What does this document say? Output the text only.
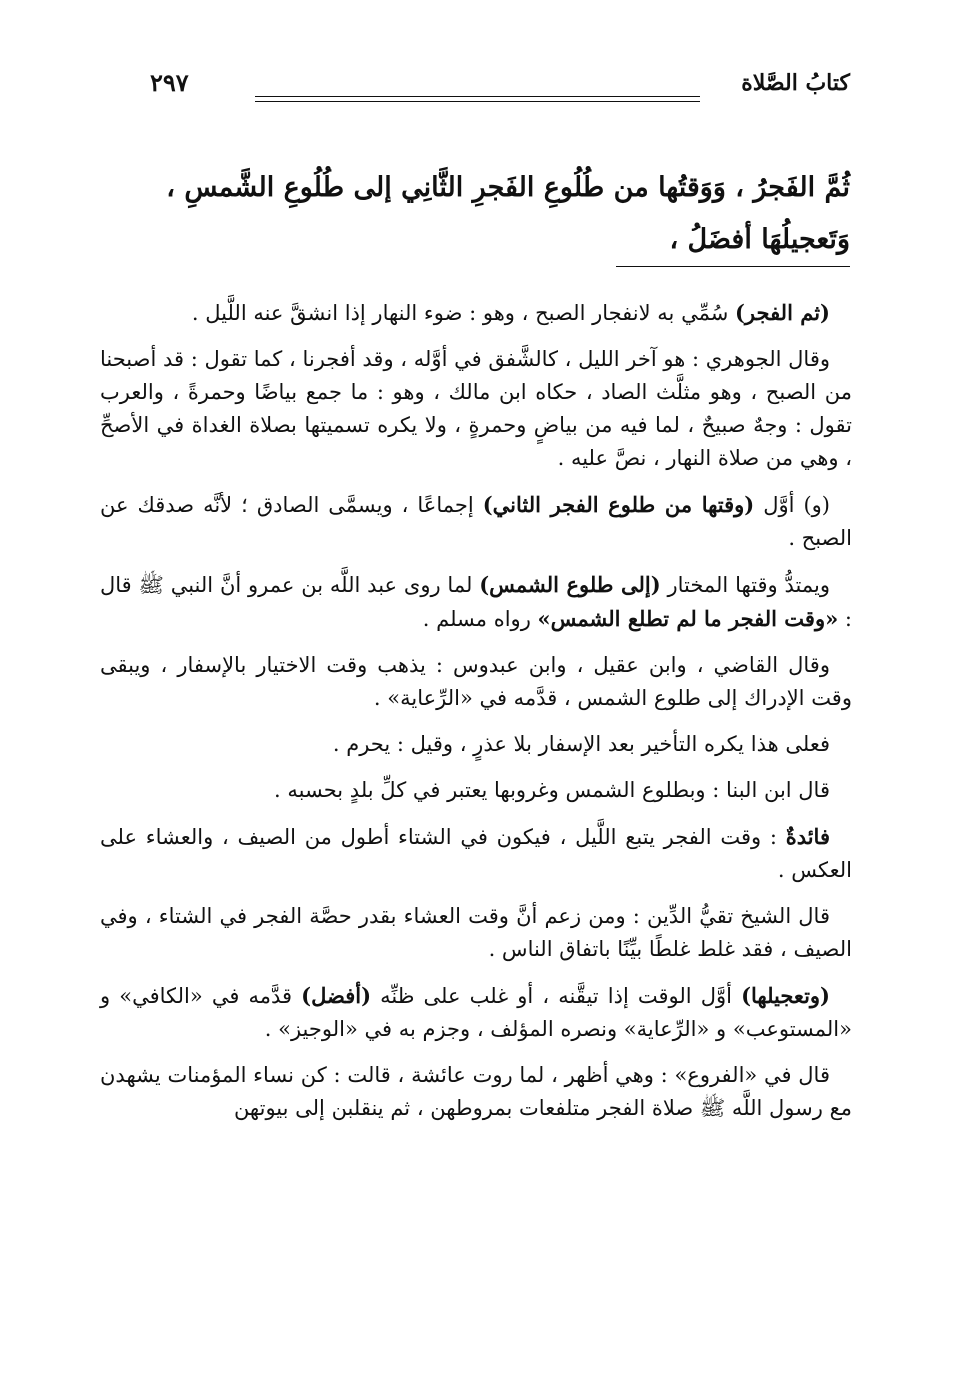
كتابُ الصَّلاة
٢٩٧

ثُمَّ الفَجرُ ، وَوَقتُها من طُلُوعِ الفَجرِ الثَّانِي إلى طُلُوعِ الشَّمسِ ، وَتَعجيلُهَا أفضَلُ ،

(ثم الفجر) سُمِّي به لانفجار الصبح ، وهو : ضوء النهار إذا انشقَّ عنه اللَّيل .

وقال الجوهري : هو آخر الليل ، كالشَّفق في أوَّله ، وقد أفجرنا ، كما تقول : قد أصبحنا من الصبح ، وهو مثلَّث الصاد ، حكاه ابن مالك ، وهو : ما جمع بياضًا وحمرةً ، والعرب تقول : وجهٌ صبيحٌ ، لما فيه من بياضٍ وحمرةٍ ، ولا يكره تسميتها بصلاة الغداة في الأصحِّ ، وهي من صلاة النهار ، نصَّ عليه .

(و) أوَّل (وقتها من طلوع الفجر الثاني) إجماعًا ، ويسمَّى الصادق ؛ لأنَّه صدقك عن الصبح .

ويمتدُّ وقتها المختار (إلى طلوع الشمس) لما روى عبد اللَّه بن عمرو أنَّ النبي ﷺ قال : «وقت الفجر ما لم تطلع الشمس» رواه مسلم .

وقال القاضي ، وابن عقيل ، وابن عبدوس : يذهب وقت الاختيار بالإسفار ، ويبقى وقت الإدراك إلى طلوع الشمس ، قدَّمه في «الرِّعاية» .

فعلى هذا يكره التأخير بعد الإسفار بلا عذرٍ ، وقيل : يحرم .

قال ابن البنا : وبطلوع الشمس وغروبها يعتبر في كلِّ بلدٍ بحسبه .

فائدةٌ : وقت الفجر يتبع اللَّيل ، فيكون في الشتاء أطول من الصيف ، والعشاء على العكس .

قال الشيخ تقيُّ الدِّين : ومن زعم أنَّ وقت العشاء بقدر حصَّة الفجر في الشتاء ، وفي الصيف ، فقد غلط غلطًا بيِّنًا باتفاق الناس .

(وتعجيلها) أوَّل الوقت إذا تيقَّنه ، أو غلب على ظنِّه (أفضل) قدَّمه في «الكافي» و «المستوعب» و «الرِّعاية» ونصره المؤلف ، وجزم به في «الوجيز» .

قال في «الفروع» : وهي أظهر ، لما روت عائشة ، قالت : كن نساء المؤمنات يشهدن مع رسول اللَّه ﷺ صلاة الفجر متلفعات بمروطهن ، ثم ينقلبن إلى بيوتهن
